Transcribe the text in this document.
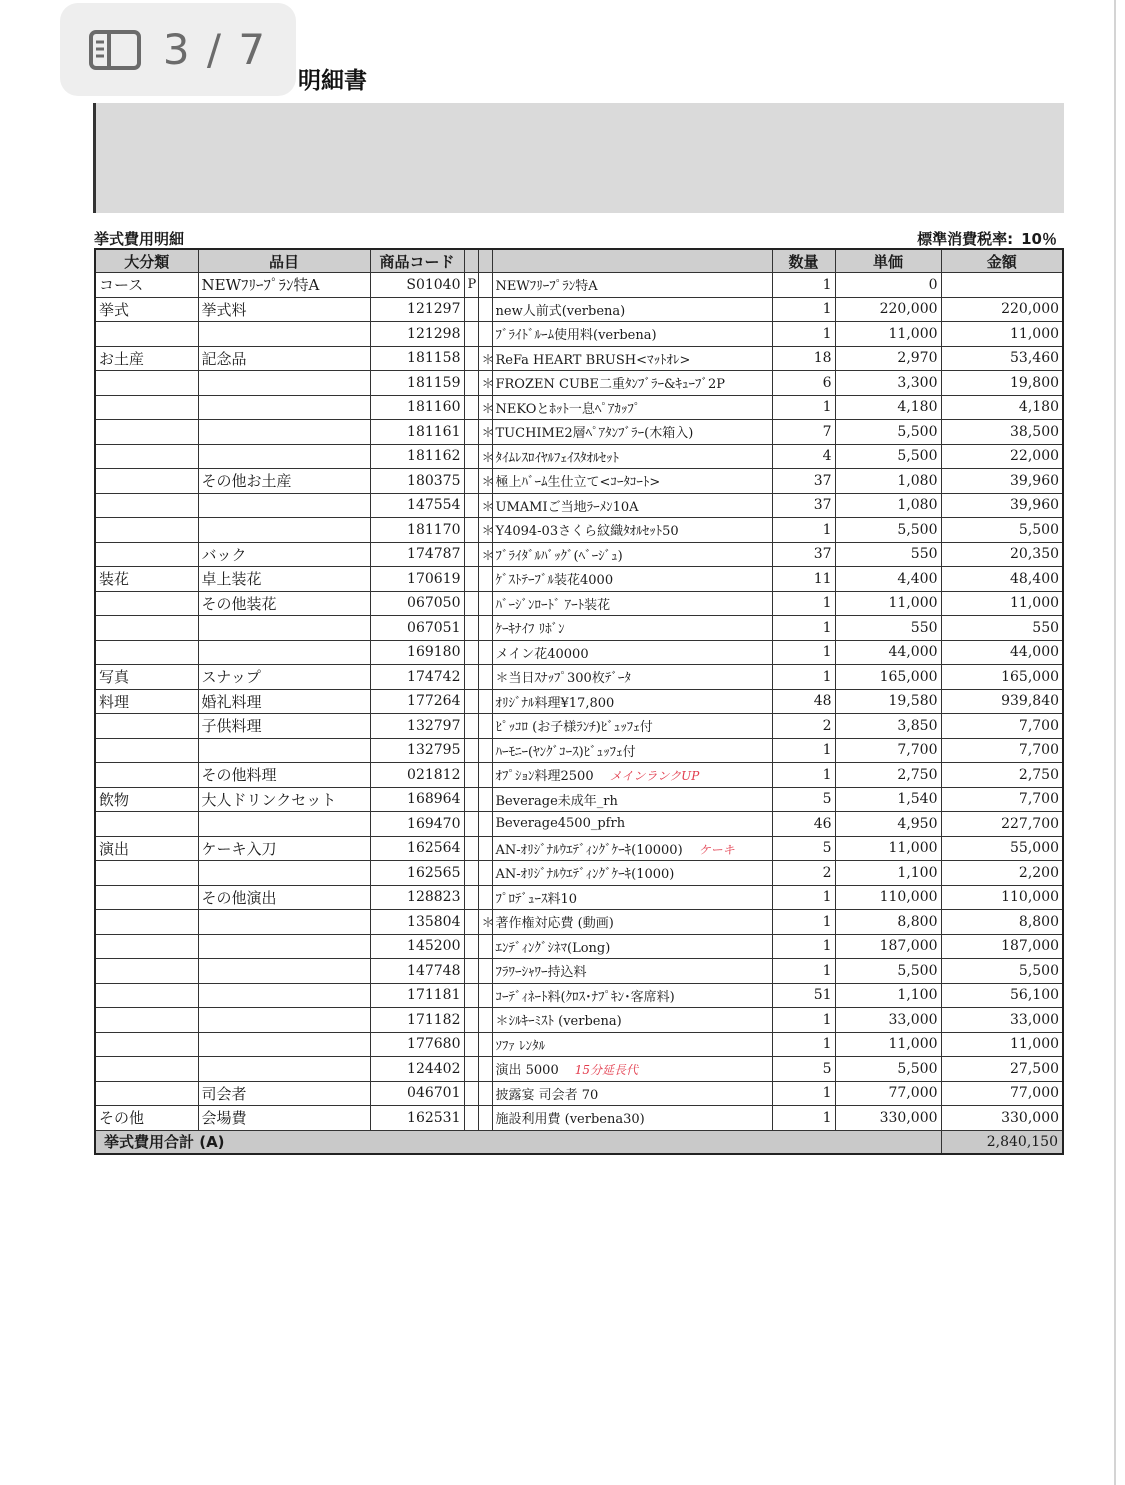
3 / 7
明細書
挙式費用明細	標準消費税率: 10％
大分類	品目	商品コード				数量	単価	金額
コース	NEWﾌﾘｰﾌﾟﾗﾝ特A	S01040	P		NEWﾌﾘｰﾌﾟﾗﾝ特A	1	0	
挙式	挙式料	121297			new人前式(verbena)	1	220,000	220,000
		121298			ﾌﾞﾗｲﾄﾞﾙｰﾑ使用料(verbena)	1	11,000	11,000
お土産	記念品	181158		＊	ReFa HEART BRUSH<ﾏｯﾄｵﾚ>	18	2,970	53,460
		181159		＊	FROZEN CUBE二重ﾀﾝﾌﾞﾗｰ&ｷｭｰﾌﾞ2P	6	3,300	19,800
		181160		＊	NEKOとﾎｯﾄ一息ﾍﾟｱｶｯﾌﾟ	1	4,180	4,180
		181161		＊	TUCHIME2層ﾍﾟｱﾀﾝﾌﾞﾗｰ(木箱入)	7	5,500	38,500
		181162		＊	ﾀｲﾑﾚｽﾛｲﾔﾙﾌｪｲｽﾀｵﾙｾｯﾄ	4	5,500	22,000
	その他お土産	180375		＊	極上ﾊﾞｰﾑ生仕立て<ｺｰﾀｺｰﾄ>	37	1,080	39,960
		147554		＊	UMAMIご当地ﾗｰﾒﾝ10A	37	1,080	39,960
		181170		＊	Y4094-03さくら紋織ﾀｵﾙｾｯﾄ50	1	5,500	5,500
	バック	174787		＊	ﾌﾞﾗｲﾀﾞﾙﾊﾞｯｸﾞ(ﾍﾞｰｼﾞｭ)	37	550	20,350
装花	卓上装花	170619			ｹﾞｽﾄﾃｰﾌﾞﾙ装花4000	11	4,400	48,400
	その他装花	067050			ﾊﾞｰｼﾞﾝﾛｰﾄﾞ ｱｰﾄ装花	1	11,000	11,000
		067051			ｹｰｷﾅｲﾌ ﾘﾎﾞﾝ	1	550	550
		169180			メイン花40000	1	44,000	44,000
写真	スナップ	174742			＊当日ｽﾅｯﾌﾟ300枚ﾃﾞｰﾀ	1	165,000	165,000
料理	婚礼料理	177264			ｵﾘｼﾞﾅﾙ料理¥17,800	48	19,580	939,840
	子供料理	132797			ﾋﾟｯｺﾛ (お子様ﾗﾝﾁ)ﾋﾞｭｯﾌｪ付	2	3,850	7,700
		132795			ﾊｰﾓﾆｰ(ﾔﾝｸﾞｺｰｽ)ﾋﾞｭｯﾌｪ付	1	7,700	7,700
	その他料理	021812			ｵﾌﾟｼｮﾝ料理2500 メインランクUP	1	2,750	2,750
飲物	大人ドリンクセット	168964			Beverage未成年_rh	5	1,540	7,700
		169470			Beverage4500_pfrh	46	4,950	227,700
演出	ケーキ入刀	162564			AN-ｵﾘｼﾞﾅﾙｳｴﾃﾞｨﾝｸﾞｹｰｷ(10000) ケーキ	5	11,000	55,000
		162565			AN-ｵﾘｼﾞﾅﾙｳｴﾃﾞｨﾝｸﾞｹｰｷ(1000)	2	1,100	2,200
	その他演出	128823			ﾌﾟﾛﾃﾞｭｰｽ料10	1	110,000	110,000
		135804		＊	著作権対応費 (動画)	1	8,800	8,800
		145200			ｴﾝﾃﾞｨﾝｸﾞｼﾈﾏ(Long)	1	187,000	187,000
		147748			ﾌﾗﾜｰｼｬﾜｰ持込料	1	5,500	5,500
		171181			ｺｰﾃﾞｨﾈｰﾄ料(ｸﾛｽ･ﾅﾌﾟｷﾝ･客席料)	51	1,100	56,100
		171182			＊ｼﾙｷｰﾐｽﾄ (verbena)	1	33,000	33,000
		177680			ｿﾌｧ ﾚﾝﾀﾙ	1	11,000	11,000
		124402			演出 5000 15分延長代	5	5,500	27,500
	司会者	046701			披露宴 司会者 70	1	77,000	77,000
その他	会場費	162531			施設利用費 (verbena30)	1	330,000	330,000
挙式費用合計 (A)								2,840,150
